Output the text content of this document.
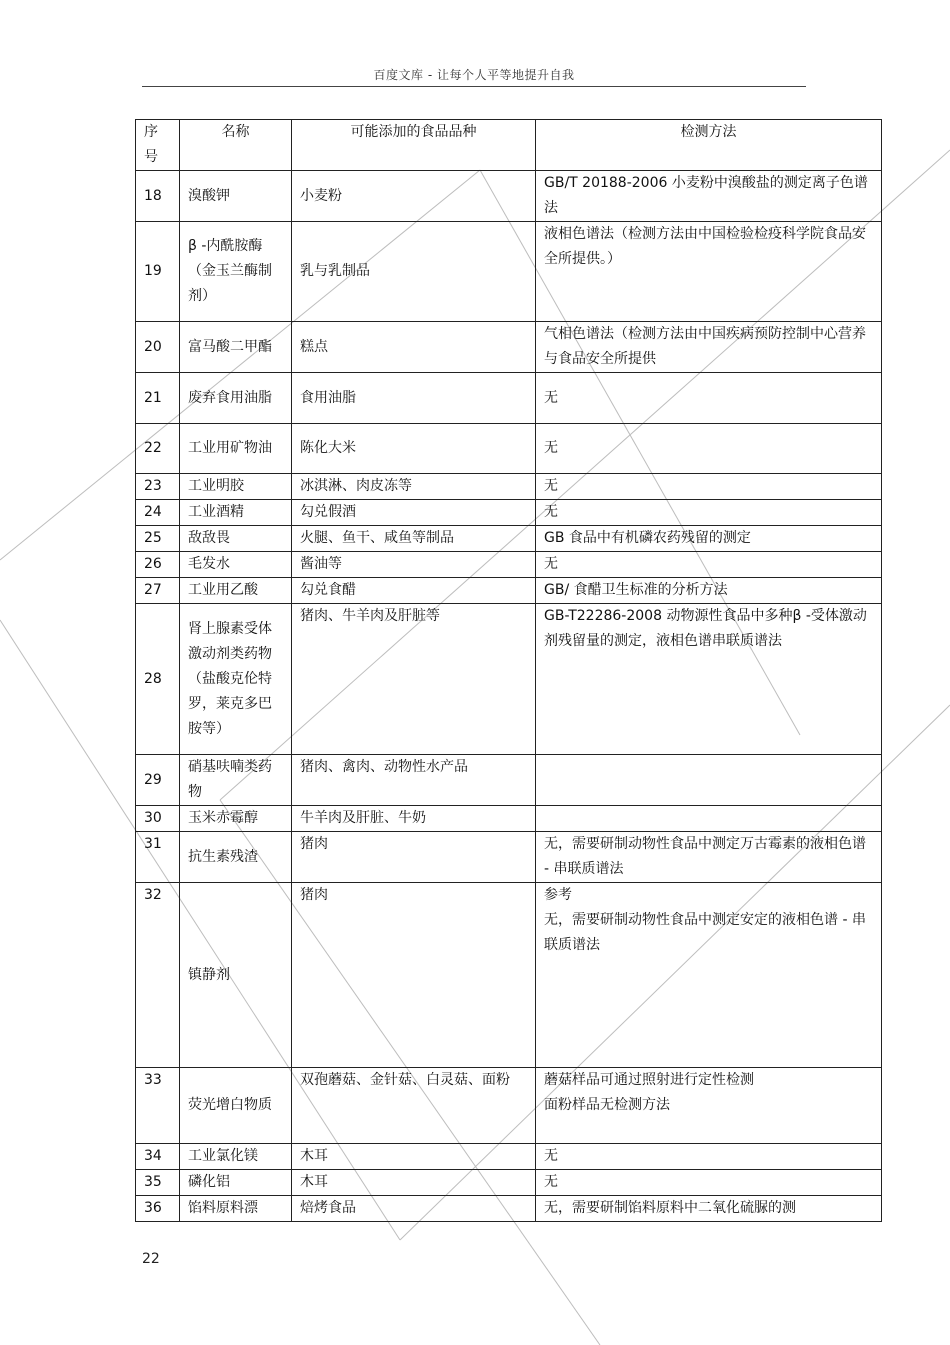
百度文库 - 让每个人平等地提升自我
序号	名称	可能添加的食品品种	检测方法
18	溴酸钾	小麦粉	GB/T 20188-2006 小麦粉中溴酸盐的测定离子色谱法
19	β -内酰胺酶（金玉兰酶制剂）	乳与乳制品	液相色谱法（检测方法由中国检验检疫科学院食品安全所提供。）
20	富马酸二甲酯	糕点	气相色谱法（检测方法由中国疾病预防控制中心营养与食品安全所提供
21	废弃食用油脂	食用油脂	无
22	工业用矿物油	陈化大米	无
23	工业明胶	冰淇淋、肉皮冻等	无
24	工业酒精	勾兑假酒	无
25	敌敌畏	火腿、鱼干、咸鱼等制品	GB 食品中有机磷农药残留的测定
26	毛发水	酱油等	无
27	工业用乙酸	勾兑食醋	GB/ 食醋卫生标准的分析方法
28	肾上腺素受体激动剂类药物（盐酸克伦特罗，莱克多巴胺等）	猪肉、牛羊肉及肝脏等	GB-T22286-2008 动物源性食品中多种β -受体激动剂残留量的测定，液相色谱串联质谱法
29	硝基呋喃类药物	猪肉、禽肉、动物性水产品	
30	玉米赤霉醇	牛羊肉及肝脏、牛奶	
31	抗生素残渣	猪肉	无，需要研制动物性食品中测定万古霉素的液相色谱 - 串联质谱法
32	镇静剂	猪肉	参考
无，需要研制动物性食品中测定安定的液相色谱 - 串联质谱法
33	荧光增白物质	双孢蘑菇、金针菇、白灵菇、面粉	蘑菇样品可通过照射进行定性检测
面粉样品无检测方法
34	工业氯化镁	木耳	无
35	磷化铝	木耳	无
36	馅料原料漂	焙烤食品	无，需要研制馅料原料中二氧化硫脲的测
22
